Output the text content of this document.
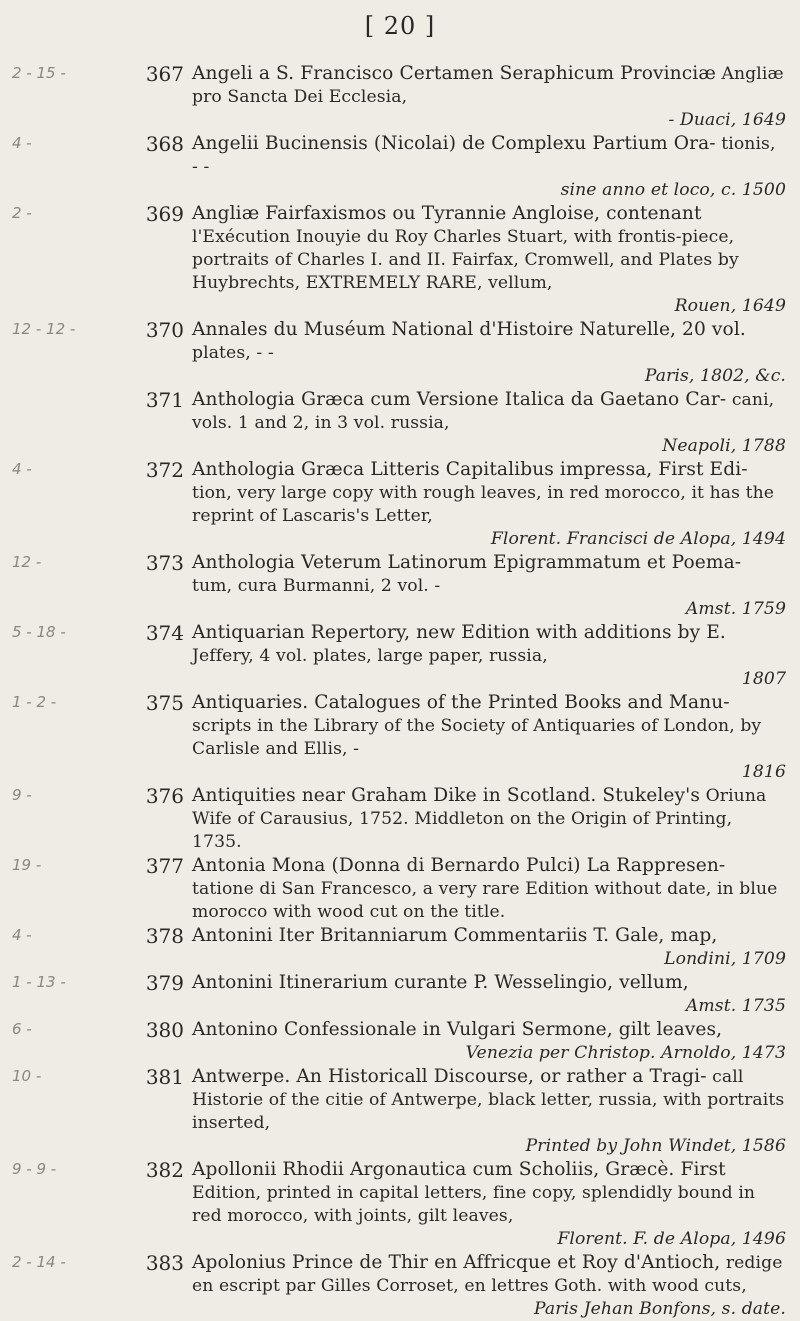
[ 20 ]
2 - 15 -	367 Angeli a S. Francisco Certamen Seraphicum Provinciæ Angliæ pro Sancta Dei Ecclesia,
- Duaci, 1649
4 -	368 Angelii Bucinensis (Nicolai) de Complexu Partium Ora- tionis, - -
sine anno et loco, c. 1500
2 -	369 Angliæ Fairfaxismos ou Tyrannie Angloise, contenant l'Exécution Inouyie du Roy Charles Stuart, with frontis-piece, portraits of Charles I. and II. Fairfax, Cromwell, and Plates by Huybrechts, EXTREMELY RARE, vellum,
Rouen, 1649
12 - 12 -	370 Annales du Muséum National d'Histoire Naturelle, 20 vol. plates, - -
Paris, 1802, &c.
371 Anthologia Græca cum Versione Italica da Gaetano Car- cani, vols. 1 and 2, in 3 vol. russia,
Neapoli, 1788
4 -	372 Anthologia Græca Litteris Capitalibus impressa, First Edi- tion, very large copy with rough leaves, in red morocco, it has the reprint of Lascaris's Letter,
Florent. Francisci de Alopa, 1494
12 -	373 Anthologia Veterum Latinorum Epigrammatum et Poema- tum, cura Burmanni, 2 vol. -
Amst. 1759
5 - 18 -	374 Antiquarian Repertory, new Edition with additions by E. Jeffery, 4 vol. plates, large paper, russia,
1807
1 - 2 -	375 Antiquaries. Catalogues of the Printed Books and Manu- scripts in the Library of the Society of Antiquaries of London, by Carlisle and Ellis, -
1816
9 -	376 Antiquities near Graham Dike in Scotland. Stukeley's Oriuna Wife of Carausius, 1752. Middleton on the Origin of Printing, 1735.
19 -	377 Antonia Mona (Donna di Bernardo Pulci) La Rappresen- tatione di San Francesco, a very rare Edition without date, in blue morocco with wood cut on the title.
4 -	378 Antonini Iter Britanniarum Commentariis T. Gale, map,
Londini, 1709
1 - 13 -	379 Antonini Itinerarium curante P. Wesselingio, vellum,
Amst. 1735
6 -	380 Antonino Confessionale in Vulgari Sermone, gilt leaves,
Venezia per Christop. Arnoldo, 1473
10 -	381 Antwerpe. An Historicall Discourse, or rather a Tragi- call Historie of the citie of Antwerpe, black letter, russia, with portraits inserted,
Printed by John Windet, 1586
9 - 9 -	382 Apollonii Rhodii Argonautica cum Scholiis, Græcè. First Edition, printed in capital letters, fine copy, splendidly bound in red morocco, with joints, gilt leaves,
Florent. F. de Alopa, 1496
2 - 14 -	383 Apolonius Prince de Thir en Affricque et Roy d'Antioch, redige en escript par Gilles Corroset, en lettres Goth. with wood cuts,
Paris Jehan Bonfons, s. date.
